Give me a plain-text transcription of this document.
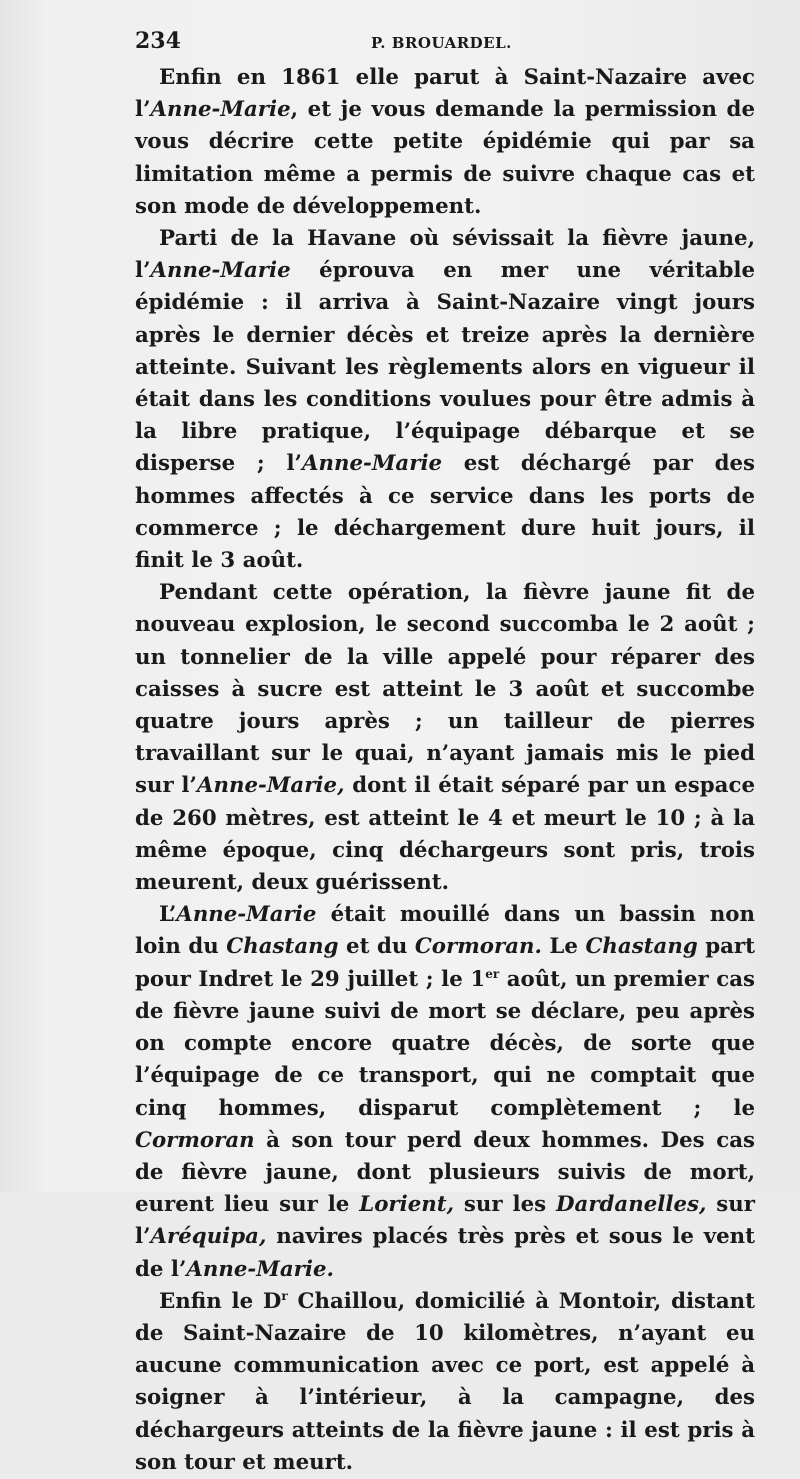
234	P. BROUARDEL.

Enfin en 1861 elle parut à Saint-Nazaire avec l’Anne-Marie, et je vous demande la permission de vous décrire cette petite épidémie qui par sa limitation même a permis de suivre chaque cas et son mode de développement.

Parti de la Havane où sévissait la fièvre jaune, l’Anne-Marie éprouva en mer une véritable épidémie : il arriva à Saint-Nazaire vingt jours après le dernier décès et treize après la dernière atteinte. Suivant les règlements alors en vigueur il était dans les conditions voulues pour être admis à la libre pratique, l’équipage débarque et se disperse ; l’Anne-Marie est déchargé par des hommes affectés à ce service dans les ports de commerce ; le déchargement dure huit jours, il finit le 3 août.

Pendant cette opération, la fièvre jaune fit de nouveau explosion, le second succomba le 2 août ; un tonnelier de la ville appelé pour réparer des caisses à sucre est atteint le 3 août et succombe quatre jours après ; un tailleur de pierres travaillant sur le quai, n’ayant jamais mis le pied sur l’Anne-Marie, dont il était séparé par un espace de 260 mètres, est atteint le 4 et meurt le 10 ; à la même époque, cinq déchargeurs sont pris, trois meurent, deux guérissent.

L’Anne-Marie était mouillé dans un bassin non loin du Chastang et du Cormoran. Le Chastang part pour Indret le 29 juillet ; le 1er août, un premier cas de fièvre jaune suivi de mort se déclare, peu après on compte encore quatre décès, de sorte que l’équipage de ce transport, qui ne comptait que cinq hommes, disparut complètement ; le Cormoran à son tour perd deux hommes. Des cas de fièvre jaune, dont plusieurs suivis de mort, eurent lieu sur le Lorient, sur les Dardanelles, sur l’Aréquipa, navires placés très près et sous le vent de l’Anne-Marie.

Enfin le $D^r$ Chaillou, domicilié à Montoir, distant de Saint-Nazaire de 10 kilomètres, n’ayant eu aucune communication avec ce port, est appelé à soigner à l’intérieur, à la campagne, des déchargeurs atteints de la fièvre jaune : il est pris à son tour et meurt.
